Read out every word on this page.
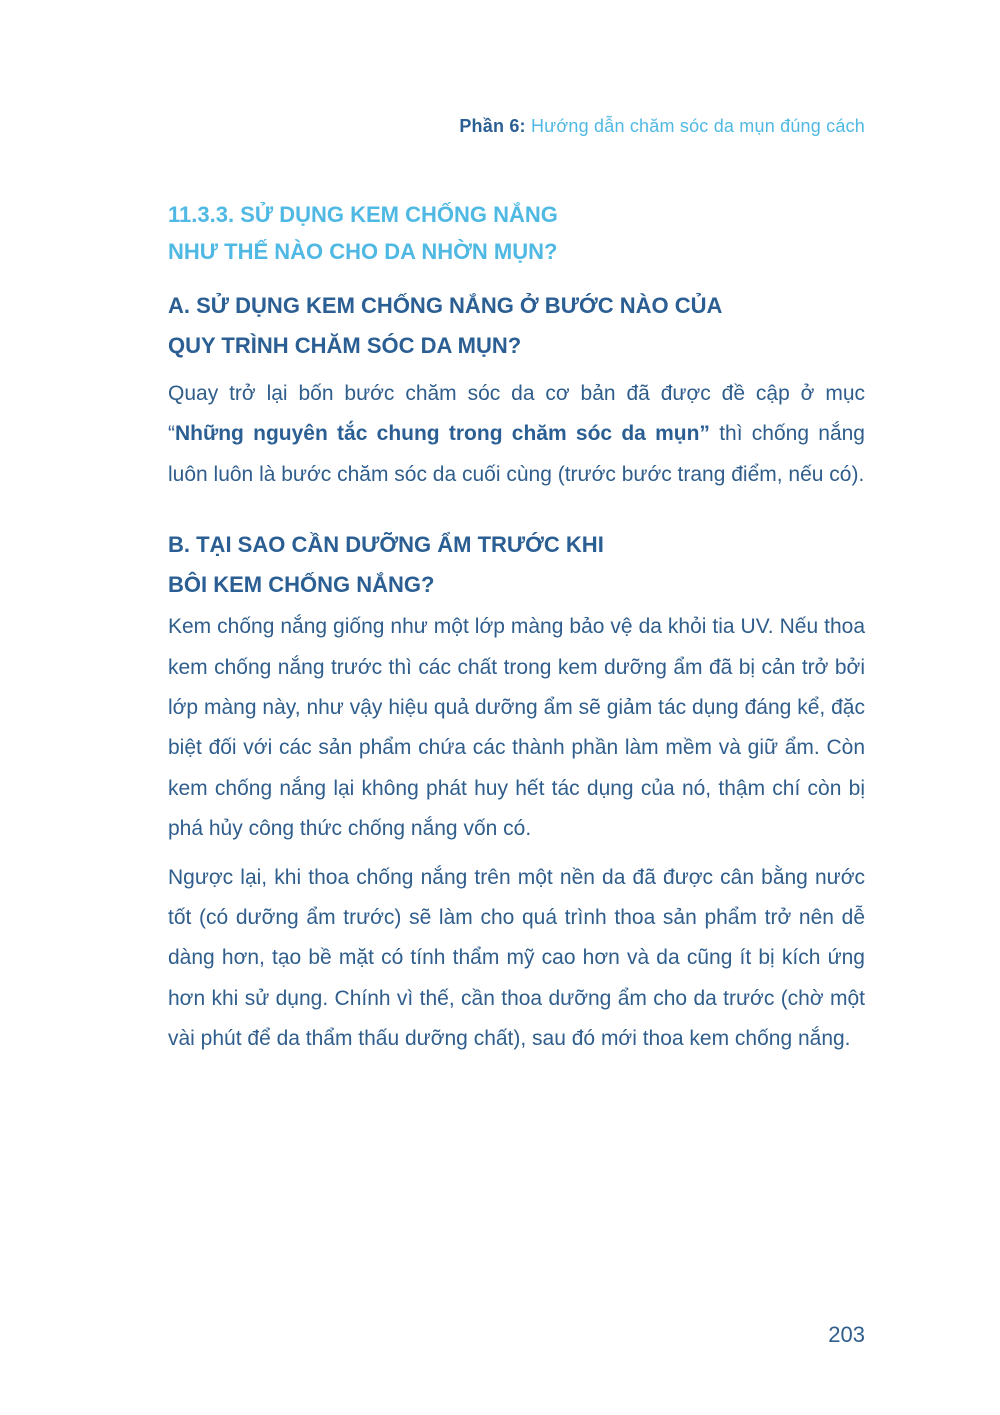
Phần 6: Hướng dẫn chăm sóc da mụn đúng cách
11.3.3. SỬ DỤNG KEM CHỐNG NẮNG
NHƯ THẾ NÀO CHO DA NHỜN MỤN?
A. SỬ DỤNG KEM CHỐNG NẮNG Ở BƯỚC NÀO CỦA
QUY TRÌNH CHĂM SÓC DA MỤN?

Quay trở lại bốn bước chăm sóc da cơ bản đã được đề cập ở mục “Những nguyên tắc chung trong chăm sóc da mụn” thì chống nắng luôn luôn là bước chăm sóc da cuối cùng (trước bước trang điểm, nếu có).

B. TẠI SAO CẦN DƯỠNG ẨM TRƯỚC KHI
BÔI KEM CHỐNG NẮNG?

Kem chống nắng giống như một lớp màng bảo vệ da khỏi tia UV. Nếu thoa kem chống nắng trước thì các chất trong kem dưỡng ẩm đã bị cản trở bởi lớp màng này, như vậy hiệu quả dưỡng ẩm sẽ giảm tác dụng đáng kể, đặc biệt đối với các sản phẩm chứa các thành phần làm mềm và giữ ẩm. Còn kem chống nắng lại không phát huy hết tác dụng của nó, thậm chí còn bị phá hủy công thức chống nắng vốn có.

Ngược lại, khi thoa chống nắng trên một nền da đã được cân bằng nước tốt (có dưỡng ẩm trước) sẽ làm cho quá trình thoa sản phẩm trở nên dễ dàng hơn, tạo bề mặt có tính thẩm mỹ cao hơn và da cũng ít bị kích ứng hơn khi sử dụng. Chính vì thế, cần thoa dưỡng ẩm cho da trước (chờ một vài phút để da thẩm thấu dưỡng chất), sau đó mới thoa kem chống nắng.

203
